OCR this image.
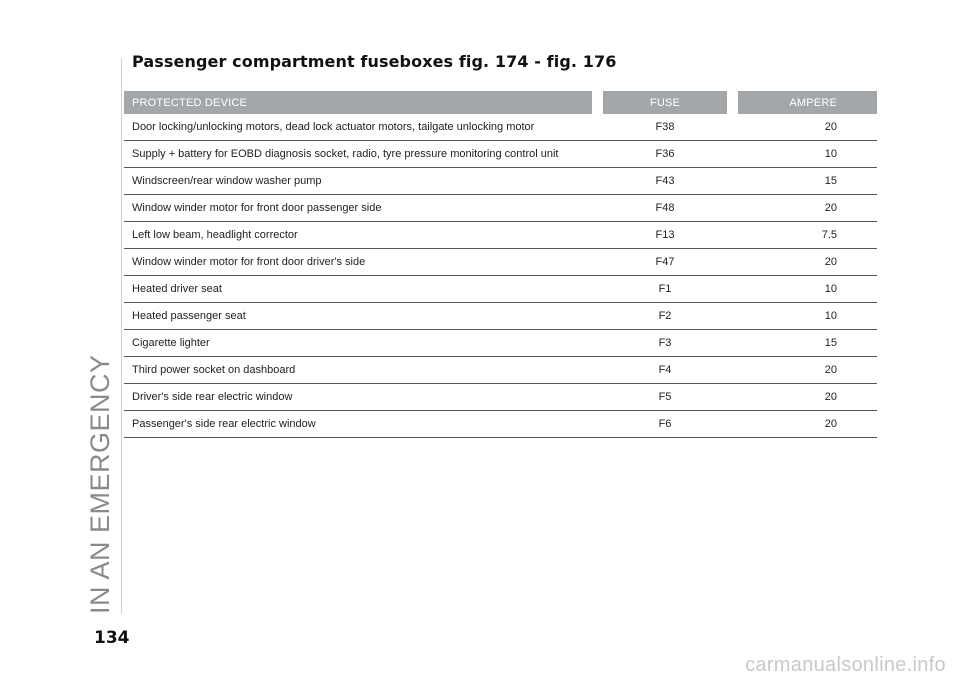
IN AN EMERGENCY
Passenger compartment fuseboxes fig. 174 - fig. 176
PROTECTED DEVICE		FUSE		AMPERE
Door locking/unlocking motors, dead lock actuator motors, tailgate unlocking motor		F38		20
Supply + battery for EOBD diagnosis socket, radio, tyre pressure monitoring control unit		F36		10
Windscreen/rear window washer pump		F43		15
Window winder motor for front door passenger side		F48		20
Left low beam, headlight corrector		F13		7.5
Window winder motor for front door driver's side		F47		20
Heated driver seat		F1		10
Heated passenger seat		F2		10
Cigarette lighter		F3		15
Third power socket on dashboard		F4		20
Driver's side rear electric window		F5		20
Passenger's side rear electric window		F6		20
134
carmanualsonline.info
